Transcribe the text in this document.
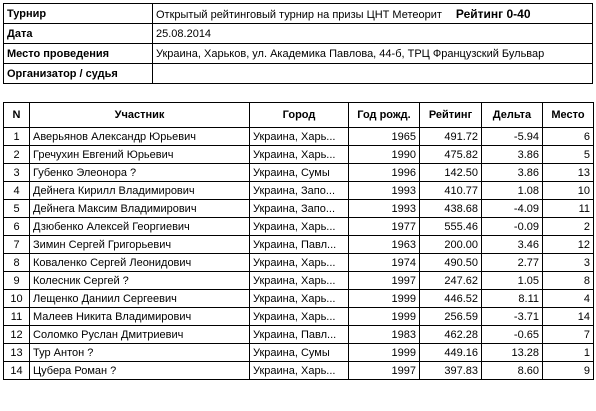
Турнир	Открытый рейтинговый турнир на призы ЦНТ Метеорит Рейтинг 0-40
Дата	25.08.2014
Место проведения	Украина, Харьков, ул. Академика Павлова, 44-б, ТРЦ Французский Бульвар
Организатор / судья	
N	Участник	Город	Год рожд.	Рейтинг	Дельта	Место
1	Аверьянов Александр Юрьевич	Украина, Харь...	1965	491.72	-5.94	6
2	Гречухин Евгений Юрьевич	Украина, Харь...	1990	475.82	3.86	5
3	Губенко Элеонора ?	Украина, Сумы	1996	142.50	3.86	13
4	Дейнега Кирилл Владимирович	Украина, Запо...	1993	410.77	1.08	10
5	Дейнега Максим Владимирович	Украина, Запо...	1993	438.68	-4.09	11
6	Дзюбенко Алексей Георгиевич	Украина, Харь...	1977	555.46	-0.09	2
7	Зимин Сергей Григорьевич	Украина, Павл...	1963	200.00	3.46	12
8	Коваленко Сергей Леонидович	Украина, Харь...	1974	490.50	2.77	3
9	Колесник Сергей ?	Украина, Харь...	1997	247.62	1.05	8
10	Лещенко Даниил Сергеевич	Украина, Харь...	1999	446.52	8.11	4
11	Малеев Никита Владимирович	Украина, Харь...	1999	256.59	-3.71	14
12	Соломко Руслан Дмитриевич	Украина, Павл...	1983	462.28	-0.65	7
13	Тур Антон ?	Украина, Сумы	1999	449.16	13.28	1
14	Цубера Роман ?	Украина, Харь...	1997	397.83	8.60	9
